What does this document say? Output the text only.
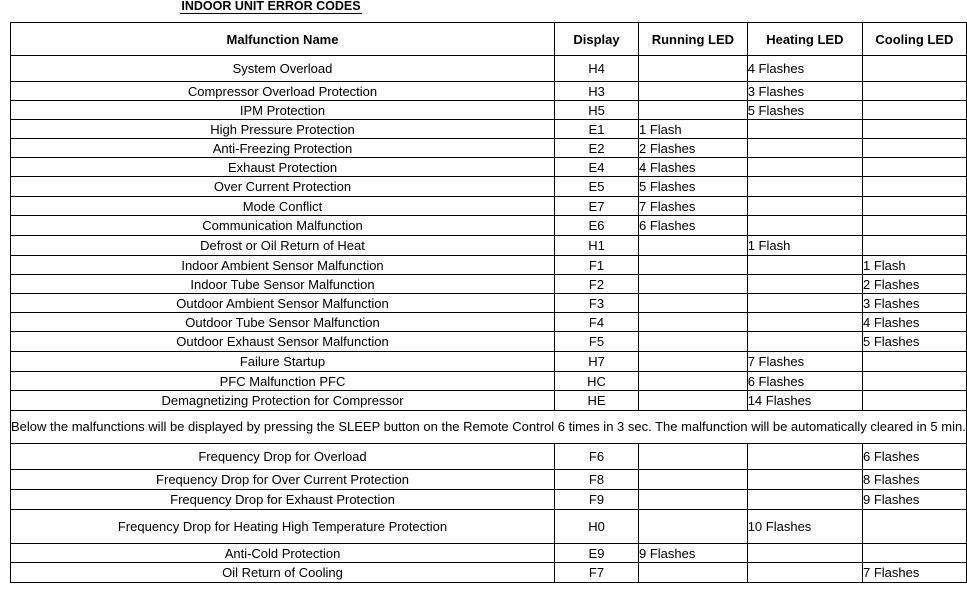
INDOOR UNIT ERROR CODES
Malfunction Name	Display	Running LED	Heating LED	Cooling LED
System Overload	H4		4 Flashes	
Compressor Overload Protection	H3		3 Flashes	
IPM Protection	H5		5 Flashes	
High Pressure Protection	E1	1 Flash		
Anti-Freezing Protection	E2	2 Flashes		
Exhaust Protection	E4	4 Flashes		
Over Current Protection	E5	5 Flashes		
Mode Conflict	E7	7 Flashes		
Communication Malfunction	E6	6 Flashes		
Defrost or Oil Return of Heat	H1		1 Flash	
Indoor Ambient Sensor Malfunction	F1			1 Flash
Indoor Tube Sensor Malfunction	F2			2 Flashes
Outdoor Ambient Sensor Malfunction	F3			3 Flashes
Outdoor Tube Sensor Malfunction	F4			4 Flashes
Outdoor Exhaust Sensor Malfunction	F5			5 Flashes
Failure Startup	H7		7 Flashes	
PFC Malfunction PFC	HC		6 Flashes	
Demagnetizing Protection for Compressor	HE		14 Flashes	
Below the malfunctions will be displayed by pressing the SLEEP button on the Remote Control 6 times in 3 sec. The malfunction will be automatically cleared in 5 min.				
Frequency Drop for Overload	F6			6 Flashes
Frequency Drop for Over Current Protection	F8			8 Flashes
Frequency Drop for Exhaust Protection	F9			9 Flashes
Frequency Drop for Heating High Temperature Protection	H0		10 Flashes	
Anti-Cold Protection	E9	9 Flashes		
Oil Return of Cooling	F7			7 Flashes
